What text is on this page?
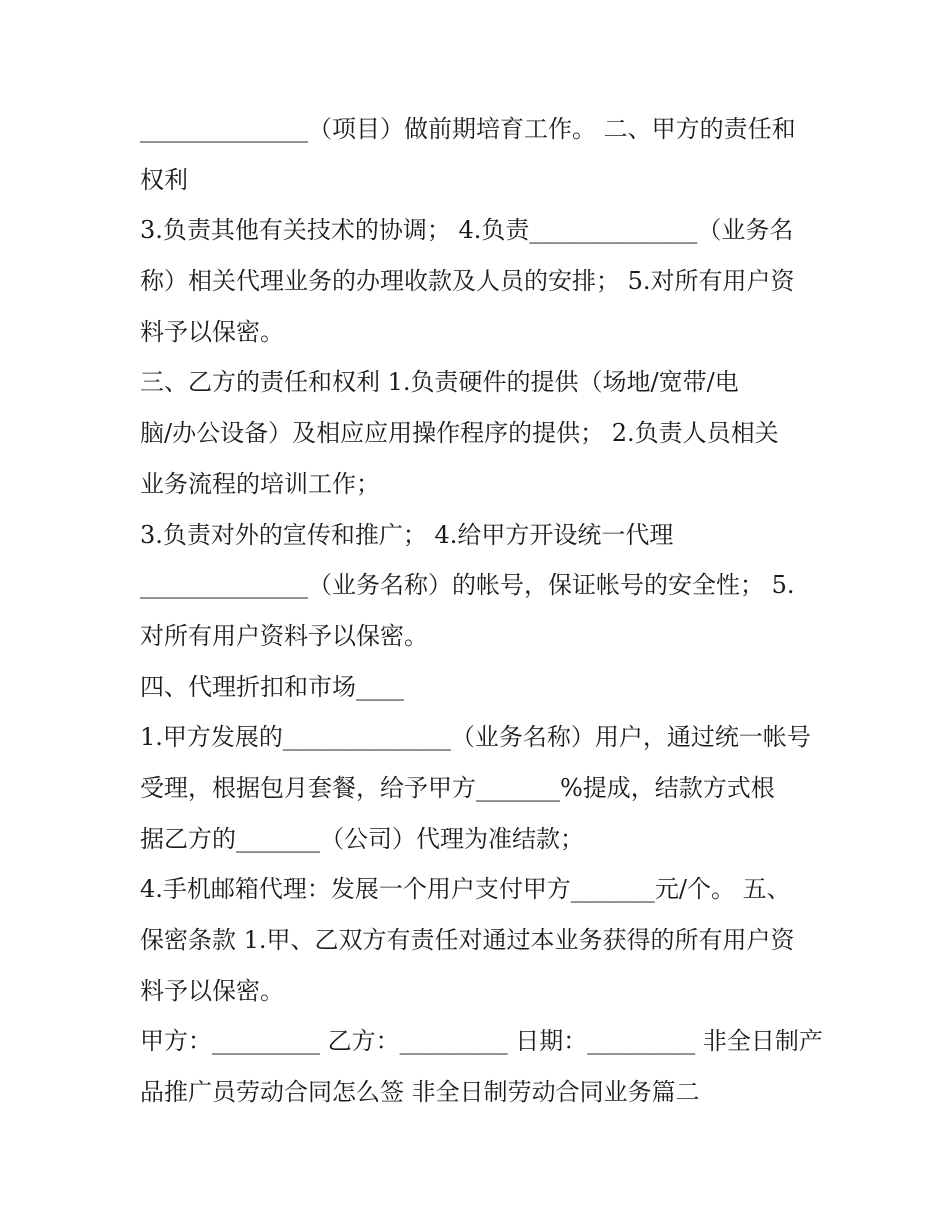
______________（项目）做前期培育工作。 二、甲方的责任和
权利
3.负责其他有关技术的协调； 4.负责______________（业务名
称）相关代理业务的办理收款及人员的安排； 5.对所有用户资
料予以保密。
三、乙方的责任和权利 1.负责硬件的提供（场地/宽带/电
脑/办公设备）及相应应用操作程序的提供； 2.负责人员相关
业务流程的培训工作；
3.负责对外的宣传和推广； 4.给甲方开设统一代理
______________（业务名称）的帐号，保证帐号的安全性； 5.
对所有用户资料予以保密。
四、代理折扣和市场____
1.甲方发展的______________（业务名称）用户，通过统一帐号
受理，根据包月套餐，给予甲方_______%提成，结款方式根
据乙方的_______（公司）代理为准结款；
4.手机邮箱代理：发展一个用户支付甲方_______元/个。 五、
保密条款 1.甲、乙双方有责任对通过本业务获得的所有用户资
料予以保密。
甲方：_________ 乙方：_________ 日期：_________ 非全日制产
品推广员劳动合同怎么签 非全日制劳动合同业务篇二
